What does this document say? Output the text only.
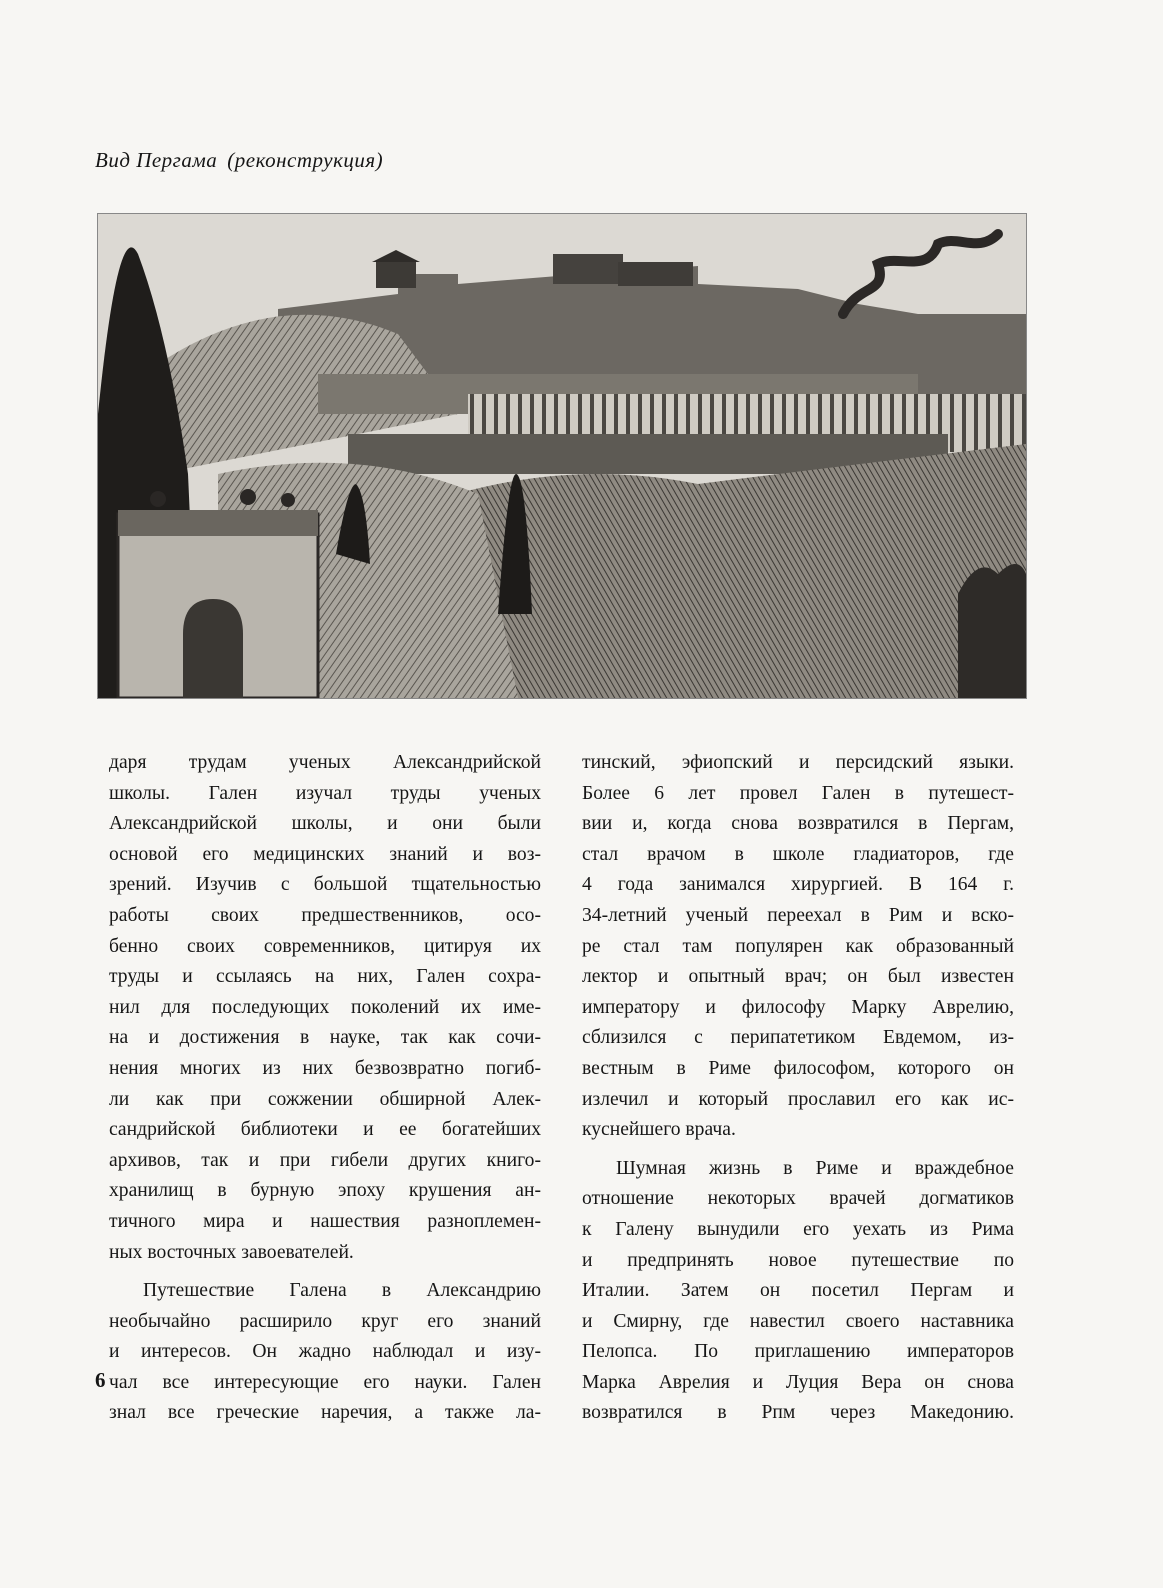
Вид Пергама (реконструкция)

даря трудам ученых Александрийской
школы. Гален изучал труды ученых
Александрийской школы, и они были
основой его медицинских знаний и воз-
зрений. Изучив с большой тщательностью
работы своих предшественников, осо-
бенно своих современников, цитируя их
труды и ссылаясь на них, Гален сохра-
нил для последующих поколений их име-
на и достижения в науке, так как сочи-
нения многих из них безвозвратно погиб-
ли как при сожжении обширной Алек-
сандрийской библиотеки и ее богатейших
архивов, так и при гибели других книго-
хранилищ в бурную эпоху крушения ан-
тичного мира и нашествия разноплемен-
ных восточных завоевателей.

Путешествие Галена в Александрию
необычайно расширило круг его знаний
и интересов. Он жадно наблюдал и изу-
чал все интересующие его науки. Гален
знал все греческие наречия, а также ла-

тинский, эфиопский и персидский языки.
Более 6 лет провел Гален в путешест-
вии и, когда снова возвратился в Пергам,
стал врачом в школе гладиаторов, где
4 года занимался хирургией. В 164 г.
34-летний ученый переехал в Рим и вско-
ре стал там популярен как образованный
лектор и опытный врач; он был известен
императору и философу Марку Аврелию,
сблизился с перипатетиком Евдемом, из-
вестным в Риме философом, которого он
излечил и который прославил его как ис-
куснейшего врача.

Шумная жизнь в Риме и враждебное
отношение некоторых врачей догматиков
к Галену вынудили его уехать из Рима
и предпринять новое путешествие по
Италии. Затем он посетил Пергам и
и Смирну, где навестил своего наставника
Пелопса. По приглашению императоров
Марка Аврелия и Луция Вера он снова
возвратился в Рпм через Македонию.

6
